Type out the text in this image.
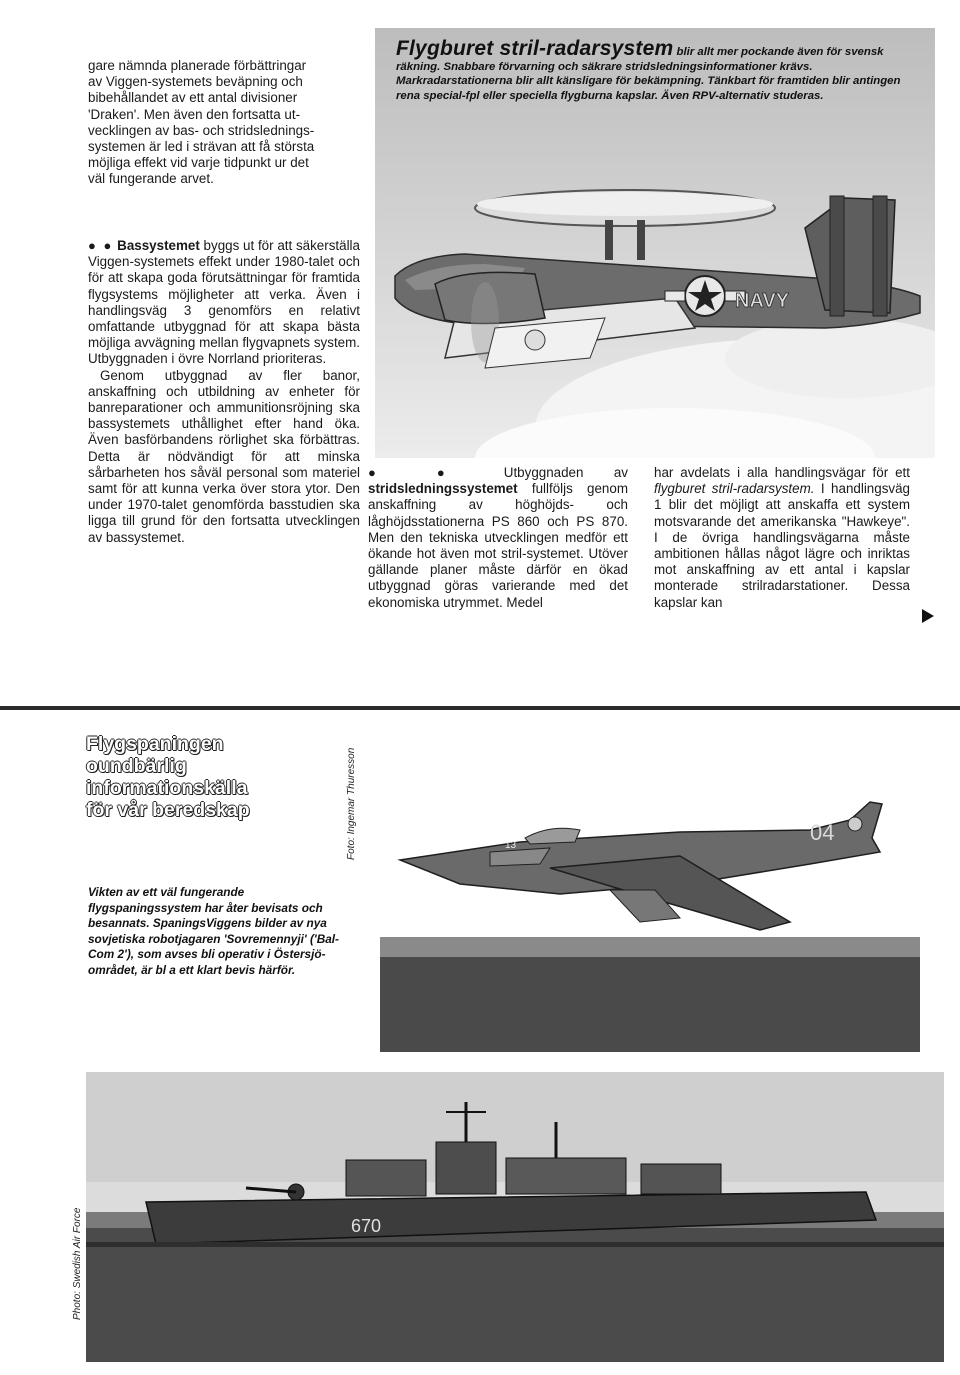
gare nämnda planerade förbättringar
av Viggen-systemets beväpning och
bibehållandet av ett antal divisioner
'Draken'. Men även den fortsatta ut-
vecklingen av bas- och stridslednings-
systemen är led i strävan att få största
möjliga effekt vid varje tidpunkt ur det
väl fungerande arvet.

● ● Bassystemet byggs ut för att säkerställa Viggen-systemets effekt under 1980-talet och för att skapa goda förutsättningar för framtida flygsystems möjligheter att verka. Även i handlingsväg 3 genomförs en relativt omfattande utbyggnad för att skapa bästa möjliga avvägning mellan flygvapnets system. Utbyggnaden i övre Norrland prioriteras.

Genom utbyggnad av fler banor, anskaffning och utbildning av enheter för banreparationer och ammunitionsröjning ska bassystemets uthållighet efter hand öka. Även basförbandens rörlighet ska förbättras. Detta är nödvändigt för att minska sårbarheten hos såväl personal som materiel samt för att kunna verka över stora ytor. Den under 1970-talet genomförda basstudien ska ligga till grund för den fortsatta utvecklingen av bassystemet.

NAVY
Flygburet stril-radarsystem blir allt mer pockande även för svensk räkning. Snabbare förvarning och säkrare stridsledningsinformationer krävs. Markradarstationerna blir allt känsligare för bekämpning. Tänkbart för framtiden blir antingen rena special-fpl eller speciella flygburna kapslar. Även RPV-alternativ studeras.

● ● Utbyggnaden av stridsledningssystemet fullföljs genom anskaffning av höghöjds- och låghöjdsstationerna PS 860 och PS 870. Men den tekniska utvecklingen medför ett ökande hot även mot stril-systemet. Utöver gällande planer måste därför en ökad utbyggnad göras varierande med det ekonomiska utrymmet. Medel

har avdelats i alla handlingsvägar för ett flygburet stril-radarsystem. I handlingsväg 1 blir det möjligt att anskaffa ett system motsvarande det amerikanska "Hawkeye". I de övriga handlingsvägarna måste ambitionen hållas något lägre och inriktas mot anskaffning av ett antal i kapslar monterade strilradarstationer. Dessa kapslar kan

Flygspaningen
oundbärlig
informationskälla
för vår beredskap
04
13
Foto: Ingemar Thuresson
Vikten av ett väl fungerande flygspaningssystem har åter bevisats och besannats. SpaningsViggens bilder av nya sovjetiska robotjagaren 'Sovremennyji' ('Bal-Com 2'), som avses bli operativ i Östersjö-området, är bl a ett klart bevis härför.
670
Photo: Swedish Air Force
